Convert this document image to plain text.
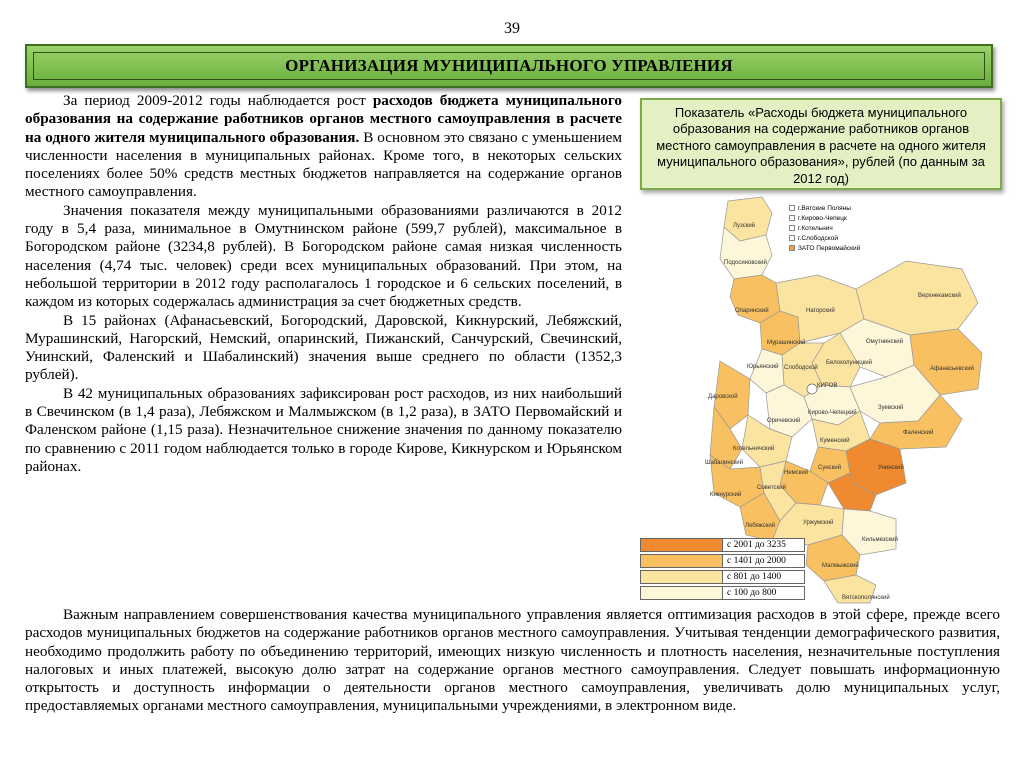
39
ОРГАНИЗАЦИЯ МУНИЦИПАЛЬНОГО УПРАВЛЕНИЯ

За период 2009-2012 годы наблюдается рост расходов бюджета муниципального образования на содержание работников органов местного самоуправления в расчете на одного жителя муниципального образования. В основном это связано с уменьшением численности населения в муниципальных районах. Кроме того, в некоторых сельских поселениях более 50% средств местных бюджетов направляется на содержание органов местного самоуправления.

Значения показателя между муниципальными образованиями различаются в 2012 году в 5,4 раза, минимальное в Омутнинском районе (599,7 рублей), максимальное в Богородском районе (3234,8 рублей). В Богородском районе самая низкая численность населения (4,74 тыс. человек) среди всех муниципальных образований. При этом, на небольшой территории в 2012 году располагалось 1 городское и 6 сельских поселений, в каждом из которых содержалась администрация за счет бюджетных средств.

В 15 районах (Афанасьевский, Богородский, Даровской, Кикнурский, Лебяжский, Мурашинский, Нагорский, Немский, опаринский, Пижанский, Санчурский, Свечинский, Унинский, Фаленский и Шабалинский) значения выше среднего по области (1352,3 рублей).

В 42 муниципальных образованиях зафиксирован рост расходов, из них наибольший в Свечинском (в 1,4 раза), Лебяжском и Малмыжском (в 1,2 раза), в ЗАТО Первомайский и Фаленском районе (1,15 раза). Незначительное снижение значения по данному показателю по сравнению с 2011 годом наблюдается только в городе Кирове, Кикнурском и Юрьянском районах.

Показатель «Расходы бюджета муниципального образования на содержание работников органов местного самоуправления в расчете на одного жителя муниципального образования», рублей (по данным за 2012 год)
Лузский
Подосиновский
Опаринский
Мурашинский
Нагорский
Верхнекамский
Омутнинский
Афанасьевский
Белохолуницкий
Слободской
Юрьянский
Даровской
КИРОВ
Оричевский
Кирово-Чепецкий
Зуевский
Котельничский
Куменский
Фаленский
Шабалинский
Сунский	Унинский
Немский
Кикнурский
Советский
Лебяжский	Уржумский
Кильмезский
Малмыжский
Вятскополянский
г.Вятские Поляны
г.Кирово-Чепецк
г.Котельнич
г.Слободской
ЗАТО Первомайский
с 2001 до 3235
с 1401 до 2000
с 801 до 1400
с 100 до 800

Важным направлением совершенствования качества муниципального управления является оптимизация расходов в этой сфере, прежде всего расходов муниципальных бюджетов на содержание работников органов местного самоуправления. Учитывая тенденции демографического развития, необходимо продолжить работу по объединению территорий, имеющих низкую численность и плотность населения, незначительные поступления налоговых и иных платежей, высокую долю затрат на содержание органов местного самоуправления. Следует повышать информационную открытость и доступность информации о деятельности органов местного самоуправления, увеличивать долю муниципальных услуг, предоставляемых органами местного самоуправления, муниципальными учреждениями, в электронном виде.
